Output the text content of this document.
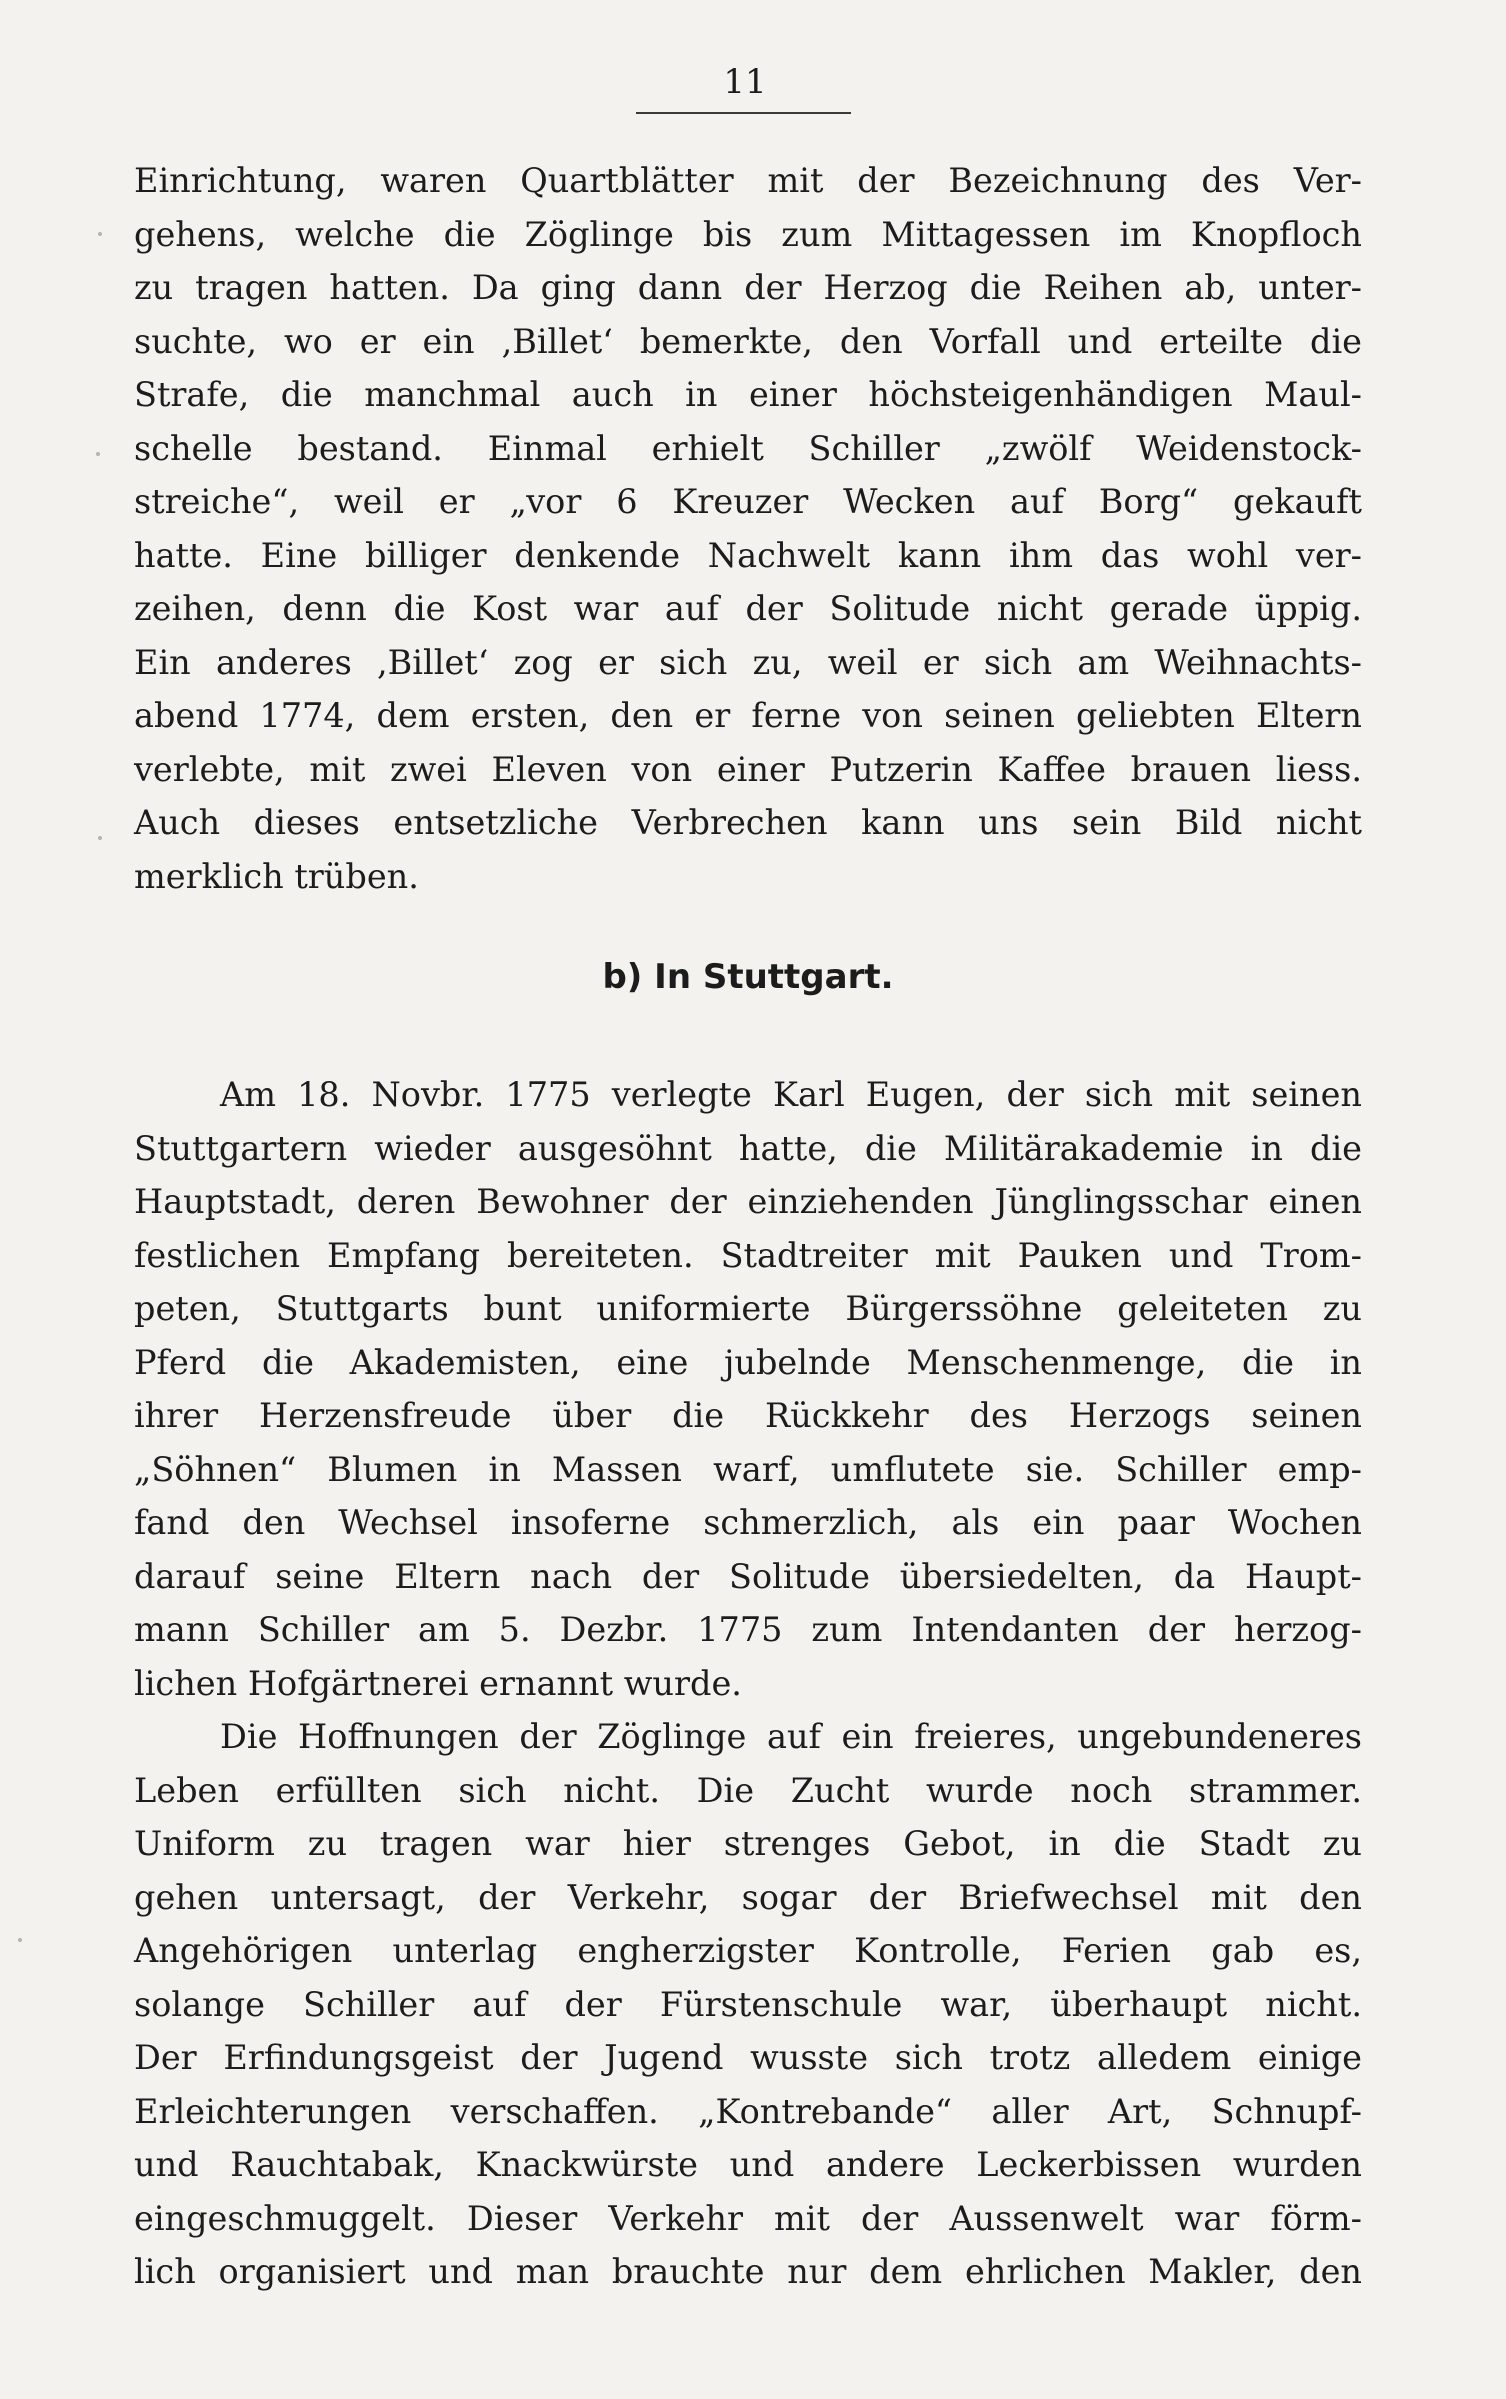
11
Einrichtung, waren Quartblätter mit der Bezeichnung des Ver-
gehens, welche die Zöglinge bis zum Mittagessen im Knopfloch
zu tragen hatten. Da ging dann der Herzog die Reihen ab, unter-
suchte, wo er ein ,Billet‘ bemerkte, den Vorfall und erteilte die
Strafe, die manchmal auch in einer höchsteigenhändigen Maul-
schelle bestand. Einmal erhielt Schiller „zwölf Weidenstock-
streiche“, weil er „vor 6 Kreuzer Wecken auf Borg“ gekauft
hatte. Eine billiger denkende Nachwelt kann ihm das wohl ver-
zeihen, denn die Kost war auf der Solitude nicht gerade üppig.
Ein anderes ,Billet‘ zog er sich zu, weil er sich am Weihnachts-
abend 1774, dem ersten, den er ferne von seinen geliebten Eltern
verlebte, mit zwei Eleven von einer Putzerin Kaffee brauen liess.
Auch dieses entsetzliche Verbrechen kann uns sein Bild nicht
merklich trüben.
b) In Stuttgart.
Am 18. Novbr. 1775 verlegte Karl Eugen, der sich mit seinen
Stuttgartern wieder ausgesöhnt hatte, die Militärakademie in die
Hauptstadt, deren Bewohner der einziehenden Jünglingsschar einen
festlichen Empfang bereiteten. Stadtreiter mit Pauken und Trom-
peten, Stuttgarts bunt uniformierte Bürgerssöhne geleiteten zu
Pferd die Akademisten, eine jubelnde Menschenmenge, die in
ihrer Herzensfreude über die Rückkehr des Herzogs seinen
„Söhnen“ Blumen in Massen warf, umflutete sie. Schiller emp-
fand den Wechsel insoferne schmerzlich, als ein paar Wochen
darauf seine Eltern nach der Solitude übersiedelten, da Haupt-
mann Schiller am 5. Dezbr. 1775 zum Intendanten der herzog-
lichen Hofgärtnerei ernannt wurde.
Die Hoffnungen der Zöglinge auf ein freieres, ungebundeneres
Leben erfüllten sich nicht. Die Zucht wurde noch strammer.
Uniform zu tragen war hier strenges Gebot, in die Stadt zu
gehen untersagt, der Verkehr, sogar der Briefwechsel mit den
Angehörigen unterlag engherzigster Kontrolle, Ferien gab es,
solange Schiller auf der Fürstenschule war, überhaupt nicht.
Der Erfindungsgeist der Jugend wusste sich trotz alledem einige
Erleichterungen verschaffen. „Kontrebande“ aller Art, Schnupf-
und Rauchtabak, Knackwürste und andere Leckerbissen wurden
eingeschmuggelt. Dieser Verkehr mit der Aussenwelt war förm-
lich organisiert und man brauchte nur dem ehrlichen Makler, den
